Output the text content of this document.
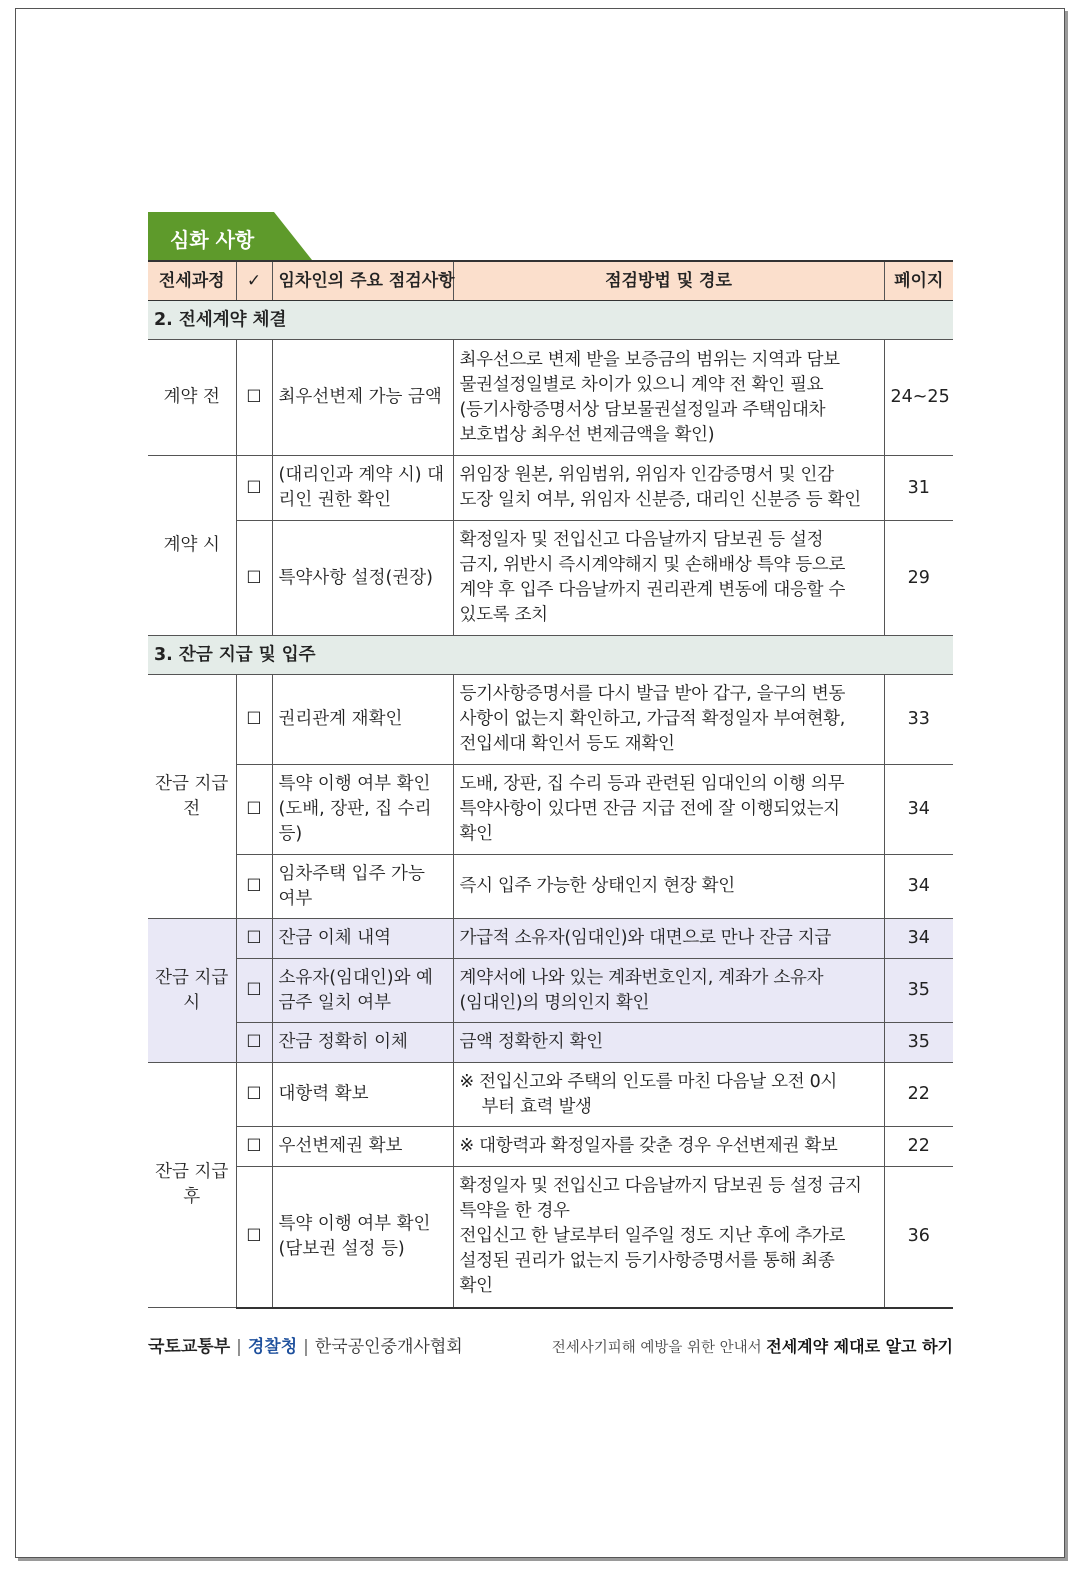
심화 사항
전세과정	✓	임차인의 주요 점검사항	점검방법 및 경로	페이지
2. 전세계약 체결				
계약 전	☐	최우선변제 가능 금액	최우선으로 변제 받을 보증금의 범위는 지역과 담보
물권설정일별로 차이가 있으니 계약 전 확인 필요
(등기사항증명서상 담보물권설정일과 주택임대차
보호법상 최우선 변제금액을 확인)	24~25
계약 시	☐	(대리인과 계약 시) 대리인 권한 확인	위임장 원본, 위임범위, 위임자 인감증명서 및 인감
도장 일치 여부, 위임자 신분증, 대리인 신분증 등 확인	31
	☐	특약사항 설정(권장)	확정일자 및 전입신고 다음날까지 담보권 등 설정
금지, 위반시 즉시계약해지 및 손해배상 특약 등으로
계약 후 입주 다음날까지 권리관계 변동에 대응할 수
있도록 조치	29
3. 잔금 지급 및 입주				
잔금 지급 전	☐	권리관계 재확인	등기사항증명서를 다시 발급 받아 갑구, 을구의 변동
사항이 없는지 확인하고, 가급적 확정일자 부여현황,
전입세대 확인서 등도 재확인	33
	☐	특약 이행 여부 확인 (도배, 장판, 집 수리 등)	도배, 장판, 집 수리 등과 관련된 임대인의 이행 의무
특약사항이 있다면 잔금 지급 전에 잘 이행되었는지
확인	34
	☐	임차주택 입주 가능 여부	즉시 입주 가능한 상태인지 현장 확인	34
잔금 지급 시	☐	잔금 이체 내역	가급적 소유자(임대인)와 대면으로 만나 잔금 지급	34
	☐	소유자(임대인)와 예금주 일치 여부	계약서에 나와 있는 계좌번호인지, 계좌가 소유자
(임대인)의 명의인지 확인	35
	☐	잔금 정확히 이체	금액 정확한지 확인	35
잔금 지급 후	☐	대항력 확보	※ 전입신고와 주택의 인도를 마친 다음날 오전 0시
부터 효력 발생	22
	☐	우선변제권 확보	※ 대항력과 확정일자를 갖춘 경우 우선변제권 확보	22
	☐	특약 이행 여부 확인 (담보권 설정 등)	확정일자 및 전입신고 다음날까지 담보권 등 설정 금지
특약을 한 경우
전입신고 한 날로부터 일주일 정도 지난 후에 추가로
설정된 권리가 없는지 등기사항증명서를 통해 최종
확인	36
국토교통부 | 경찰청 | 한국공인중개사협회	전세사기피해 예방을 위한 안내서 전세계약 제대로 알고 하기
